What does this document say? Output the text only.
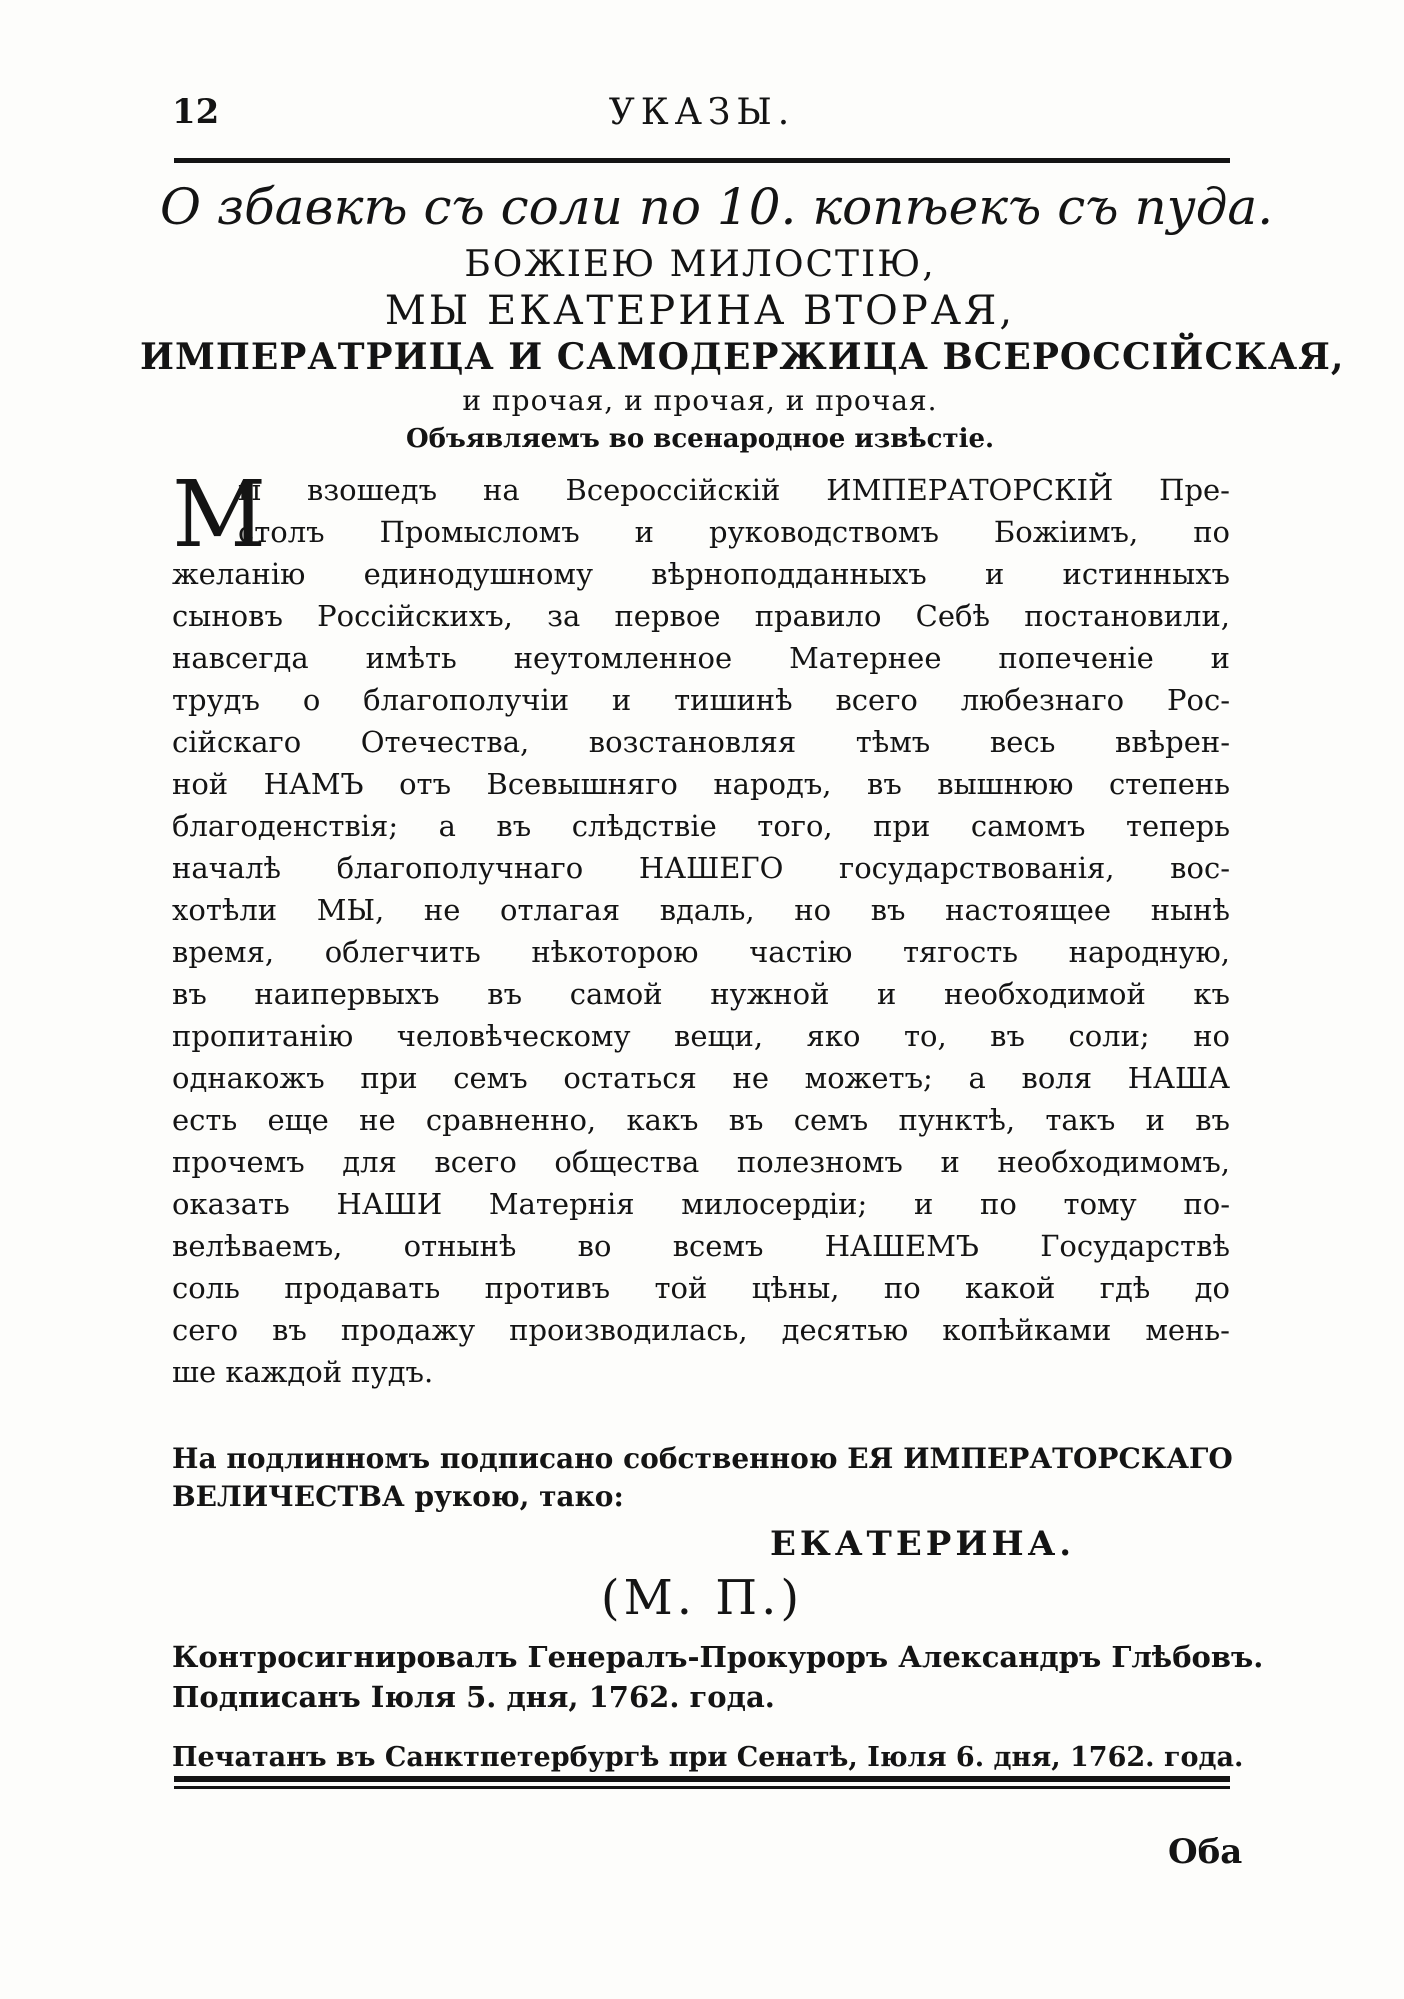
12	УКАЗЫ.
О збавкѣ съ соли по 10. копѣекъ съ пуда.
БОЖІЕЮ МИЛОСТІЮ,
МЫ ЕКАТЕРИНА ВТОРАЯ,
ИМПЕРАТРИЦА И САМОДЕРЖИЦА ВСЕРОССІЙСКАЯ,
и прочая, и прочая, и прочая.
Объявляемъ во всенародное извѣстіе.
М
ы взошедъ на Всероссійскій ИМПЕРАТОРСКІЙ Пре-
столъ Промысломъ и руководствомъ Божіимъ, по
желанію единодушному вѣрноподданныхъ и истинныхъ
сыновъ Россійскихъ, за первое правило Себѣ постановили,
навсегда имѣть неутомленное Матернее попеченіе и
трудъ о благополучіи и тишинѣ всего любезнаго Рос-
сійскаго Отечества, возстановляя тѣмъ весь ввѣрен-
ной НАМЪ отъ Всевышняго народъ, въ вышнюю степень
благоденствія; а въ слѣдствіе того, при самомъ теперь
началѣ благополучнаго НАШЕГО государствованія, вос-
хотѣли МЫ, не отлагая вдаль, но въ настоящее нынѣ
время, облегчить нѣкоторою частію тягость народную,
въ наипервыхъ въ самой нужной и необходимой къ
пропитанію человѣческому вещи, яко то, въ соли; но
однакожъ при семъ остаться не можетъ; а воля НАША
есть еще не сравненно, какъ въ семъ пунктѣ, такъ и въ
прочемъ для всего общества полезномъ и необходимомъ,
оказать НАШИ Матернія милосердіи; и по тому по-
велѣваемъ, отнынѣ во всемъ НАШЕМЪ Государствѣ
соль продавать противъ той цѣны, по какой гдѣ до
сего въ продажу производилась, десятью копѣйками мень-
ше каждой пудъ.
На подлинномъ подписано собственною ЕЯ ИМПЕРАТОРСКАГО
ВЕЛИЧЕСТВА рукою, тако:
ЕКАТЕРИНА.
(М. П.)
Контросигнировалъ Генералъ-Прокуроръ Александръ Глѣбовъ.
Подписанъ Іюля 5. дня, 1762. года.
Печатанъ въ Санктпетербургѣ при Сенатѣ, Іюля 6. дня, 1762. года.
Оба
